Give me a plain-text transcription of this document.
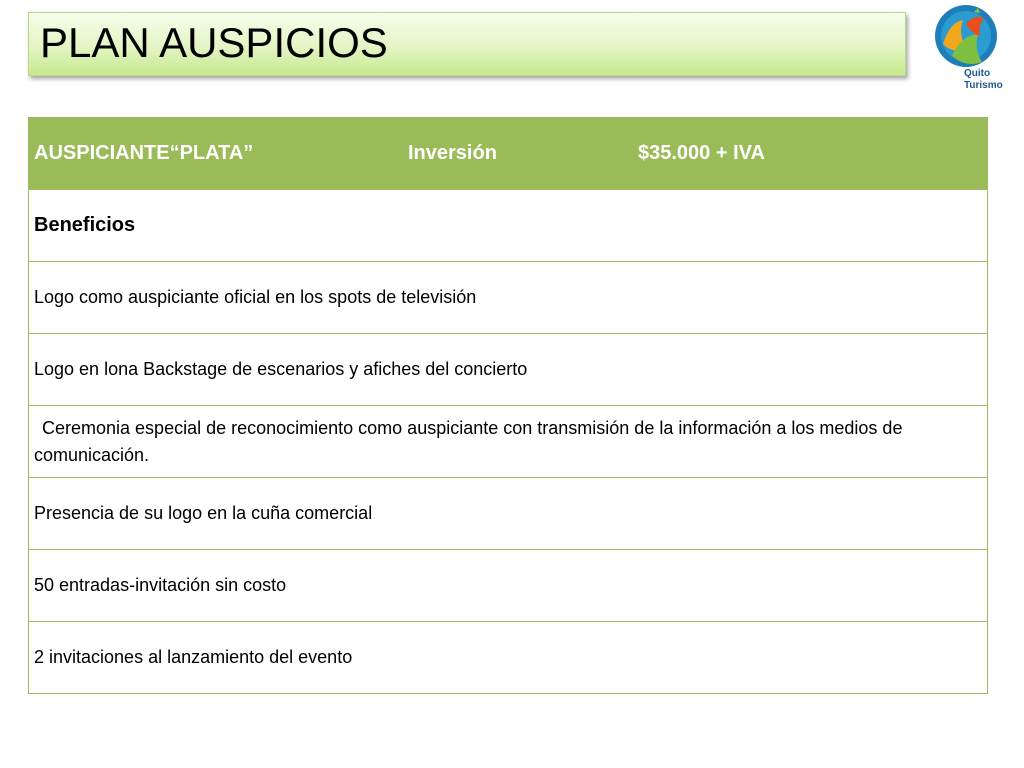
PLAN AUSPICIOS
Quito
Turismo
AUSPICIANTE“PLATA”	Inversión	$35.000 + IVA
Beneficios
Logo como auspiciante oficial en los spots de televisión
Logo en lona Backstage de escenarios y afiches del concierto
Ceremonia especial de reconocimiento como auspiciante con transmisión de la información a los medios de comunicación.
Presencia de su logo en la cuña comercial
50 entradas-invitación sin costo
2 invitaciones al lanzamiento del evento
